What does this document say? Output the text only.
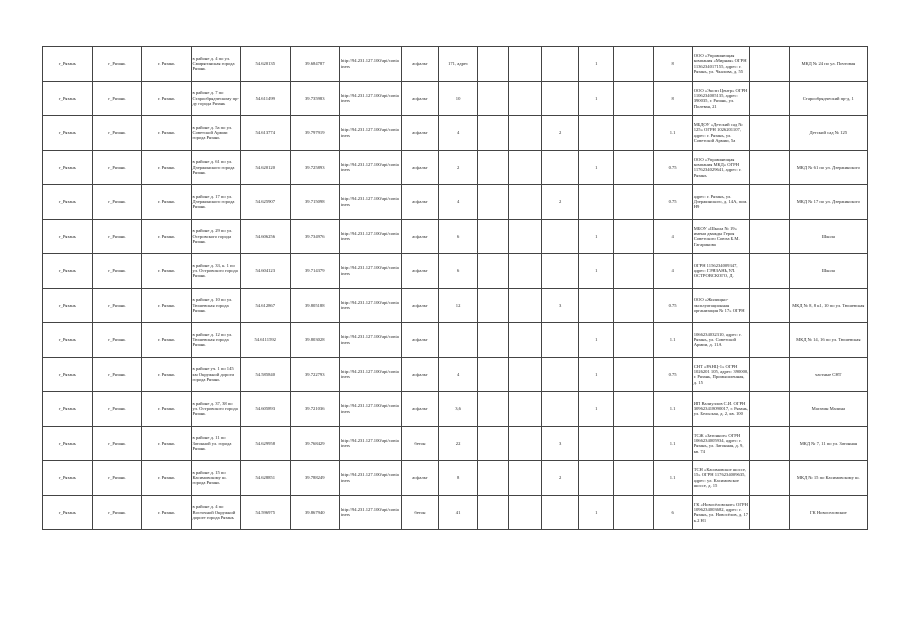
г_Рязань	г_Рязань	г. Рязань	в районе д. 4 по ул. Смирягинская города Рязань	54.620135	39.684787	http://94.231.127.100/api/containers	асфальт	171, адрес				1		8	ООО «Управляющая компания «Мирная» ОГРН 1136234017155, адрес: г. Рязань, ул. Чкалова, д. 55		МКД № 24 по ул. Почтовая
г_Рязань	г_Рязань	г. Рязань	в районе д. 7 по Старообрядческому пр-ду города Рязань	54.611499	39.735983	http://94.231.127.100/api/containers	асфальт	10				1		8	ООО «Эксэп Центр» ОГРН 1106234005135, адрес: 390035, г. Рязань, ул. Полевая, 21		Старообрядческий пр-д, 1
г_Рязань	г_Рязань	г. Рязань	в районе д. 5а по ул. Советской Армии города Рязань	54.613774	39.797919	http://94.231.127.100/api/containers	асфальт	4			2			1.1	МБДОУ «Детский сад № 125» ОГРН 1026201107, адрес: г. Рязань, ул. Советской Армии, 5а		Детский сад № 125
г_Рязань	г_Рязань	г. Рязань	в районе д. 61 по ул. Дзержинского города Рязань	54.620120	39.725893	http://94.231.127.100/api/containers	асфальт	2				1		0.75	ООО «Управляющая компания МКД» ОГРН 1176234029641, адрес: г. Рязань		МКД № 61 по ул. Дзержинского
г_Рязань	г_Рязань	г. Рязань	в районе д. 17 по ул. Дзержинского города Рязань	54.625907	39.715098	http://94.231.127.100/api/containers	асфальт	4			2			0.75	адрес: г. Рязань, ул. Дзержинского, д. 14А, пом. Н9		МКД № 17 по ул. Дзержинского
г_Рязань	г_Рязань	г. Рязань	в районе д. 29 по ул. Островского города Рязань	54.606256	39.734976	http://94.231.127.100/api/containers	асфальт	6				1		4	МБОУ «Школа № 19» имени дважды Героя Советского Союза Б.М. Гагаринова		Школа
г_Рязань	г_Рязань	г. Рязань	в районе д. 33, к. 1 по ул. Островского города Рязань	54.604123	39.714379	http://94.231.127.100/api/containers	асфальт	6				1		4	ОГРН 1156234009347, адрес: Г.РЯЗАНЬ,УЛ. ОСТРОВСКОГО, Д.		Школа
г_Рязань	г_Рязань	г. Рязань	в районе д. 10 по ул. Тюшевская города Рязань	54.612867	39.805188	http://94.231.127.100/api/containers	асфальт	12			3			0.75	ООО «Жилищно-эксплуатационная организация № 17» ОГРН		МКД № 8, 8 к1, 10 по ул. Тюшевская
г_Рязань	г_Рязань	г. Рязань	в районе д. 12 по ул. Тюшевская города Рязань	54.6111592	39.803028	http://94.231.127.100/api/containers	асфальт					1		1.1	1066234032310, адрес: г. Рязань, ул. Советской Армии, д. 11А		МКД № 14, 16 по ул. Тюшевская
г_Рязань	г_Рязань	г. Рязань	в районе уч. 1 по 145 км Окружной дороги города Рязань	54.585840	39.722793	http://94.231.127.100/api/containers	асфальт	4				1		0.75	СНТ «РАНЦ-1» ОГРН 1026201 105, адрес: 390000, г. Рязань, Промышленная, д. 15		частные СНТ
г_Рязань	г_Рязань	г. Рязань	в районе д. 37, 38 по ул. Островского города Рязань	54.605893	39.721036	http://94.231.127.100/api/containers	асфальт	3,6				1		1.1	ИП Валиуллов С.И. ОГРН 309623418090017, г. Рязань, ул. Бельская, д. 2, кв. 100		Магазин Малина
г_Рязань	г_Рязань	г. Рязань	в районе д. 11 по Затонной ул. города Рязань	54.629958	39.768429	http://94.231.127.100/api/containers	бетон	22			3			1.1	ТСЖ «Затонное» ОГРН 1066234005934, адрес: г. Рязань, ул. Затонная, д. 9, кв. 74		МКД № 7, 11 по ул. Затонная
г_Рязань	г_Рязань	г. Рязань	в районе д. 15 по Касимовскому ш. города Рязань	54.628851	39.788249	http://94.231.127.100/api/containers	асфальт	8			2			1.1	ТСН «Касимовское шоссе, 15» ОГРН 1176234009635, адрес: ул. Касимовское шоссе, д. 15		МКД № 15 по Касимовскому ш.
г_Рязань	г_Рязань	г. Рязань	в районе д. 4 по Восточной Окружной дороге города Рязань	54.596975	39.867940	http://94.231.127.100/api/containers	бетон	41				1		6	ГК «Новосёловские» ОГРН 1096234003682, адрес: г. Рязань, ул. Новосёлов, д. 17 к.2 Н1		ГК Новоселовские
